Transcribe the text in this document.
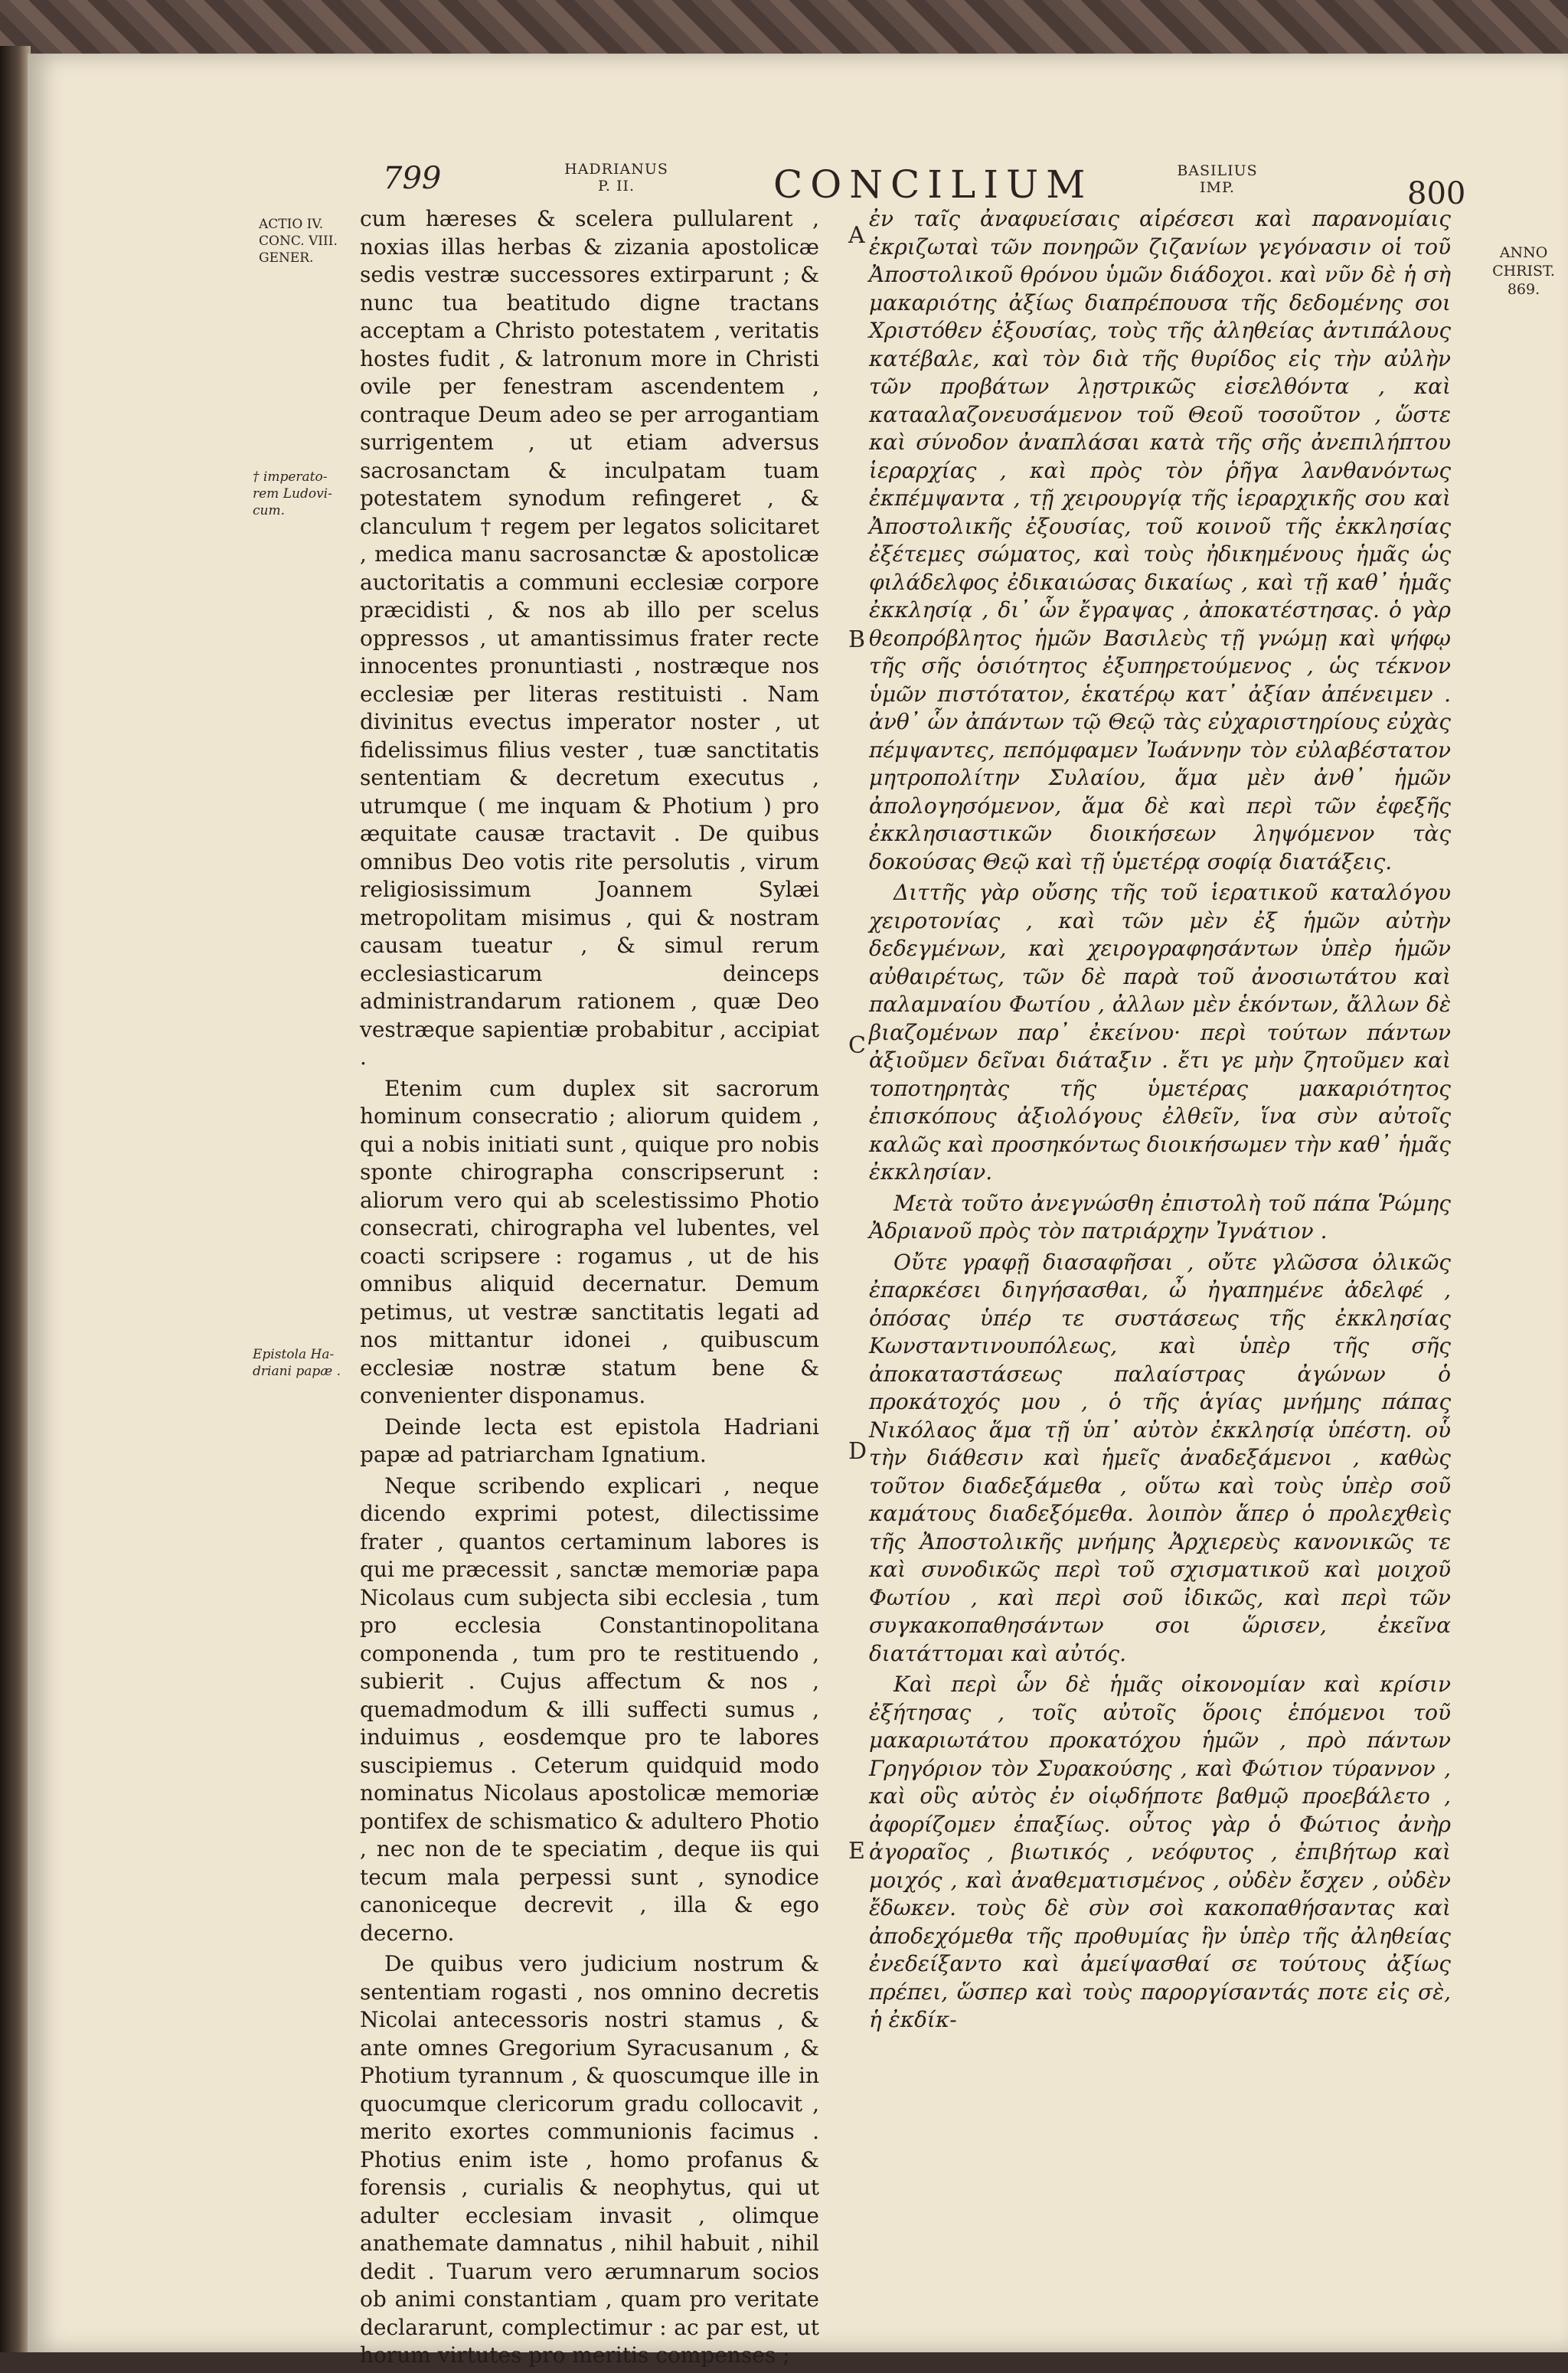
799	HADRIANUS
P. II.	CONCILIUM	BASILIUS
IMP.	800
ACTIO IV.
CONC. VIII.
GENER.
† imperato-
rem Ludovi-
cum.
Epistola Ha-
driani papæ .
ANNO
CHRIST.
869.
A
B
C
D
E

cum hæreses & scelera pullularent , noxias illas herbas & zizania apostolicæ sedis vestræ successores extirparunt ; & nunc tua beatitudo digne tractans acceptam a Christo potestatem , veritatis hostes fudit , & latronum more in Christi ovile per fenestram ascendentem , contraque Deum adeo se per arrogantiam surrigentem , ut etiam adversus sacrosanctam & inculpatam tuam potestatem synodum refingeret , & clanculum † regem per legatos solicitaret , medica manu sacrosanctæ & apostolicæ auctoritatis a communi ecclesiæ corpore præcidisti , & nos ab illo per scelus oppressos , ut amantissimus frater recte innocentes pronuntiasti , nostræque nos ecclesiæ per literas restituisti . Nam divinitus evectus imperator noster , ut fidelissimus filius vester , tuæ sanctitatis sententiam & decretum executus , utrumque ( me inquam & Photium ) pro æquitate causæ tractavit . De quibus omnibus Deo votis rite persolutis , virum religiosissimum Joannem Sylæi metropolitam misimus , qui & nostram causam tueatur , & simul rerum ecclesiasticarum deinceps administrandarum rationem , quæ Deo vestræque sapientiæ probabitur , accipiat .

Etenim cum duplex sit sacrorum hominum consecratio ; aliorum quidem , qui a nobis initiati sunt , quique pro nobis sponte chirographa conscripserunt : aliorum vero qui ab scelestissimo Photio consecrati, chirographa vel lubentes, vel coacti scripsere : rogamus , ut de his omnibus aliquid decernatur. Demum petimus, ut vestræ sanctitatis legati ad nos mittantur idonei , quibuscum ecclesiæ nostræ statum bene & convenienter disponamus.

Deinde lecta est epistola Hadriani papæ ad patriarcham Ignatium.

Neque scribendo explicari , neque dicendo exprimi potest, dilectissime frater , quantos certaminum labores is qui me præcessit , sanctæ memoriæ papa Nicolaus cum subjecta sibi ecclesia , tum pro ecclesia Constantinopolitana componenda , tum pro te restituendo , subierit . Cujus affectum & nos , quemadmodum & illi suffecti sumus , induimus , eosdemque pro te labores suscipiemus . Ceterum quidquid modo nominatus Nicolaus apostolicæ memoriæ pontifex de schismatico & adultero Photio , nec non de te speciatim , deque iis qui tecum mala perpessi sunt , synodice canoniceque decrevit , illa & ego decerno.

De quibus vero judicium nostrum & sententiam rogasti , nos omnino decretis Nicolai antecessoris nostri stamus , & ante omnes Gregorium Syracusanum , & Photium tyrannum , & quoscumque ille in quocumque clericorum gradu collocavit , merito exortes communionis facimus . Photius enim iste , homo profanus & forensis , curialis & neophytus, qui ut adulter ecclesiam invasit , olimque anathemate damnatus , nihil habuit , nihil dedit . Tuarum vero ærumnarum socios ob animi constantiam , quam pro veritate declararunt, complectimur : ac par est, ut horum virtutes pro meritis compenses ;

ἐν ταῖς ἀναφυείσαις αἱρέσεσι καὶ παρανομίαις ἐκριζωταὶ τῶν πονηρῶν ζιζανίων γεγόνασιν οἱ τοῦ Ἀποστολικοῦ θρόνου ὑμῶν διάδοχοι. καὶ νῦν δὲ ἡ σὴ μακαριότης ἀξίως διαπρέπουσα τῆς δεδομένης σοι Χριστόθεν ἐξουσίας, τοὺς τῆς ἀληθείας ἀντιπάλους κατέβαλε, καὶ τὸν διὰ τῆς θυρίδος εἰς τὴν αὐλὴν τῶν προβάτων λῃστρικῶς εἰσελθόντα , καὶ κατααλαζονευσάμενον τοῦ Θεοῦ τοσοῦτον , ὥστε καὶ σύνοδον ἀναπλάσαι κατὰ τῆς σῆς ἀνεπιλήπτου ἱεραρχίας , καὶ πρὸς τὸν ῥῆγα λανθανόντως ἐκπέμψαντα , τῇ χειρουργίᾳ τῆς ἱεραρχικῆς σου καὶ Ἀποστολικῆς ἐξουσίας, τοῦ κοινοῦ τῆς ἐκκλησίας ἐξέτεμες σώματος, καὶ τοὺς ἠδικημένους ἡμᾶς ὡς φιλάδελφος ἐδικαιώσας δικαίως , καὶ τῇ καθ᾽ ἡμᾶς ἐκκλησίᾳ , δι᾽ ὧν ἔγραψας , ἀποκατέστησας. ὁ γὰρ θεοπρόβλητος ἡμῶν Βασιλεὺς τῇ γνώμῃ καὶ ψήφῳ τῆς σῆς ὁσιότητος ἐξυπηρετούμενος , ὡς τέκνον ὑμῶν πιστότατον, ἑκατέρῳ κατ᾽ ἀξίαν ἀπένειμεν . ἀνθ᾽ ὧν ἀπάντων τῷ Θεῷ τὰς εὐχαριστηρίους εὐχὰς πέμψαντες, πεπόμφαμεν Ἰωάννην τὸν εὐλαβέστατον μητροπολίτην Συλαίου, ἅμα μὲν ἀνθ᾽ ἡμῶν ἀπολογησόμενον, ἅμα δὲ καὶ περὶ τῶν ἐφεξῆς ἐκκλησιαστικῶν διοικήσεων ληψόμενον τὰς δοκούσας Θεῷ καὶ τῇ ὑμετέρᾳ σοφίᾳ διατάξεις.

Διττῆς γὰρ οὔσης τῆς τοῦ ἱερατικοῦ καταλόγου χειροτονίας , καὶ τῶν μὲν ἐξ ἡμῶν αὐτὴν δεδεγμένων, καὶ χειρογραφησάντων ὑπὲρ ἡμῶν αὐθαιρέτως, τῶν δὲ παρὰ τοῦ ἀνοσιωτάτου καὶ παλαμναίου Φωτίου , ἀλλων μὲν ἑκόντων, ἄλλων δὲ βιαζομένων παρ᾽ ἐκείνου· περὶ τούτων πάντων ἀξιοῦμεν δεῖναι διάταξιν . ἔτι γε μὴν ζητοῦμεν καὶ τοποτηρητὰς τῆς ὑμετέρας μακαριότητος ἐπισκόπους ἀξιολόγους ἐλθεῖν, ἵνα σὺν αὐτοῖς καλῶς καὶ προσηκόντως διοικήσωμεν τὴν καθ᾽ ἡμᾶς ἐκκλησίαν.

Μετὰ τοῦτο ἀνεγνώσθη ἐπιστολὴ τοῦ πάπα Ῥώμης Ἀδριανοῦ πρὸς τὸν πατριάρχην Ἰγνάτιον .

Οὔτε γραφῇ διασαφῆσαι , οὔτε γλῶσσα ὀλικῶς ἐπαρκέσει διηγήσασθαι, ὦ ἠγαπημένε ἀδελφέ , ὁπόσας ὑπέρ τε συστάσεως τῆς ἐκκλησίας Κωνσταντινουπόλεως, καὶ ὑπὲρ τῆς σῆς ἀποκαταστάσεως παλαίστρας ἀγώνων ὁ προκάτοχός μου , ὁ τῆς ἁγίας μνήμης πάπας Νικόλαος ἅμα τῇ ὑπ᾽ αὐτὸν ἐκκλησίᾳ ὑπέστη. οὗ τὴν διάθεσιν καὶ ἡμεῖς ἀναδεξάμενοι , καθὼς τοῦτον διαδεξάμεθα , οὕτω καὶ τοὺς ὑπὲρ σοῦ καμάτους διαδεξόμεθα. λοιπὸν ἅπερ ὁ προλεχθεὶς τῆς Ἀποστολικῆς μνήμης Ἀρχιερεὺς κανονικῶς τε καὶ συνοδικῶς περὶ τοῦ σχισματικοῦ καὶ μοιχοῦ Φωτίου , καὶ περὶ σοῦ ἰδικῶς, καὶ περὶ τῶν συγκακοπαθησάντων σοι ὥρισεν, ἐκεῖνα διατάττομαι καὶ αὐτός.

Καὶ περὶ ὧν δὲ ἡμᾶς οἰκονομίαν καὶ κρίσιν ἐξήτησας , τοῖς αὐτοῖς ὅροις ἑπόμενοι τοῦ μακαριωτάτου προκατόχου ἡμῶν , πρὸ πάντων Γρηγόριον τὸν Συρακούσης , καὶ Φώτιον τύραννον , καὶ οὓς αὐτὸς ἐν οἱῳδήποτε βαθμῷ προεβάλετο , ἀφορίζομεν ἐπαξίως. οὗτος γὰρ ὁ Φώτιος ἀνὴρ ἀγοραῖος , βιωτικός , νεόφυτος , ἐπιβήτωρ καὶ μοιχός , καὶ ἀναθεματισμένος , οὐδὲν ἔσχεν , οὐδὲν ἔδωκεν. τοὺς δὲ σὺν σοὶ κακοπαθήσαντας καὶ ἀποδεχόμεθα τῆς προθυμίας ἣν ὑπὲρ τῆς ἀληθείας ἐνεδείξαντο καὶ ἀμείψασθαί σε τούτους ἀξίως πρέπει, ὥσπερ καὶ τοὺς παροργίσαντάς ποτε εἰς σὲ, ἡ ἐκδίκ-
